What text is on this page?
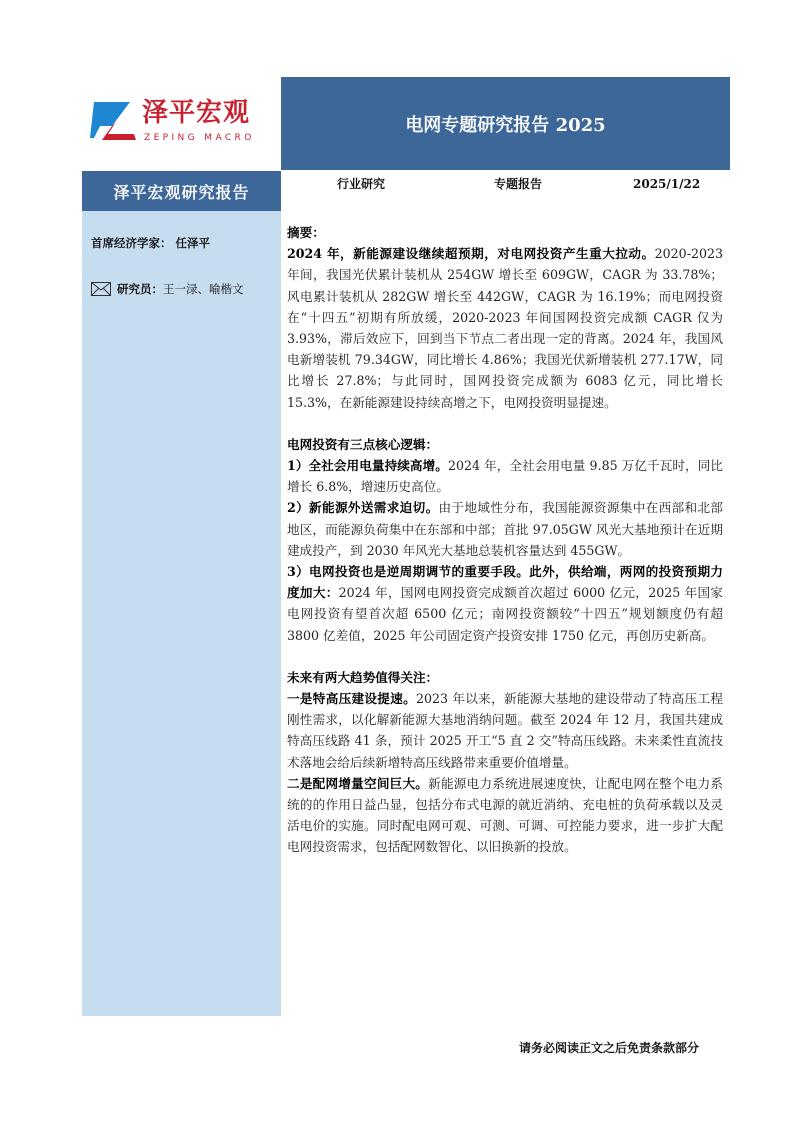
泽平宏观
ZEPING MACRO
电网专题研究报告 2025
泽平宏观研究报告
首席经济学家： 任泽平
研究员：王一渌、喻楷文
行业研究	专题报告	2025/1/22

摘要：

2024 年，新能源建设继续超预期，对电网投资产生重大拉动。2020-2023 年间，我国光伏累计装机从 254GW 增长至 609GW，CAGR 为 33.78%；风电累计装机从 282GW 增长至 442GW，CAGR 为 16.19%；而电网投资在“十四五”初期有所放缓，2020-2023 年间国网投资完成额 CAGR 仅为 3.93%，滞后效应下，回到当下节点二者出现一定的背离。2024 年，我国风电新增装机 79.34GW，同比增长 4.86%；我国光伏新增装机 277.17W，同比增长 27.8%；与此同时，国网投资完成额为 6083 亿元，同比增长 15.3%，在新能源建设持续高增之下，电网投资明显提速。

电网投资有三点核心逻辑：

1）全社会用电量持续高增。2024 年，全社会用电量 9.85 万亿千瓦时，同比增长 6.8%，增速历史高位。

2）新能源外送需求迫切。由于地域性分布，我国能源资源集中在西部和北部地区，而能源负荷集中在东部和中部；首批 97.05GW 风光大基地预计在近期建成投产，到 2030 年风光大基地总装机容量达到 455GW。

3）电网投资也是逆周期调节的重要手段。此外，供给端，两网的投资预期力度加大：2024 年，国网电网投资完成额首次超过 6000 亿元，2025 年国家电网投资有望首次超 6500 亿元；南网投资额较“十四五”规划额度仍有超 3800 亿差值，2025 年公司固定资产投资安排 1750 亿元，再创历史新高。

未来有两大趋势值得关注：

一是特高压建设提速。2023 年以来，新能源大基地的建设带动了特高压工程刚性需求，以化解新能源大基地消纳问题。截至 2024 年 12 月，我国共建成特高压线路 41 条，预计 2025 开工“5 直 2 交”特高压线路。未来柔性直流技术落地会给后续新增特高压线路带来重要价值增量。

二是配网增量空间巨大。新能源电力系统进展速度快，让配电网在整个电力系统的的作用日益凸显，包括分布式电源的就近消纳、充电桩的负荷承载以及灵活电价的实施。同时配电网可观、可测、可调、可控能力要求，进一步扩大配电网投资需求，包括配网数智化、以旧换新的投放。

请务必阅读正文之后免责条款部分
